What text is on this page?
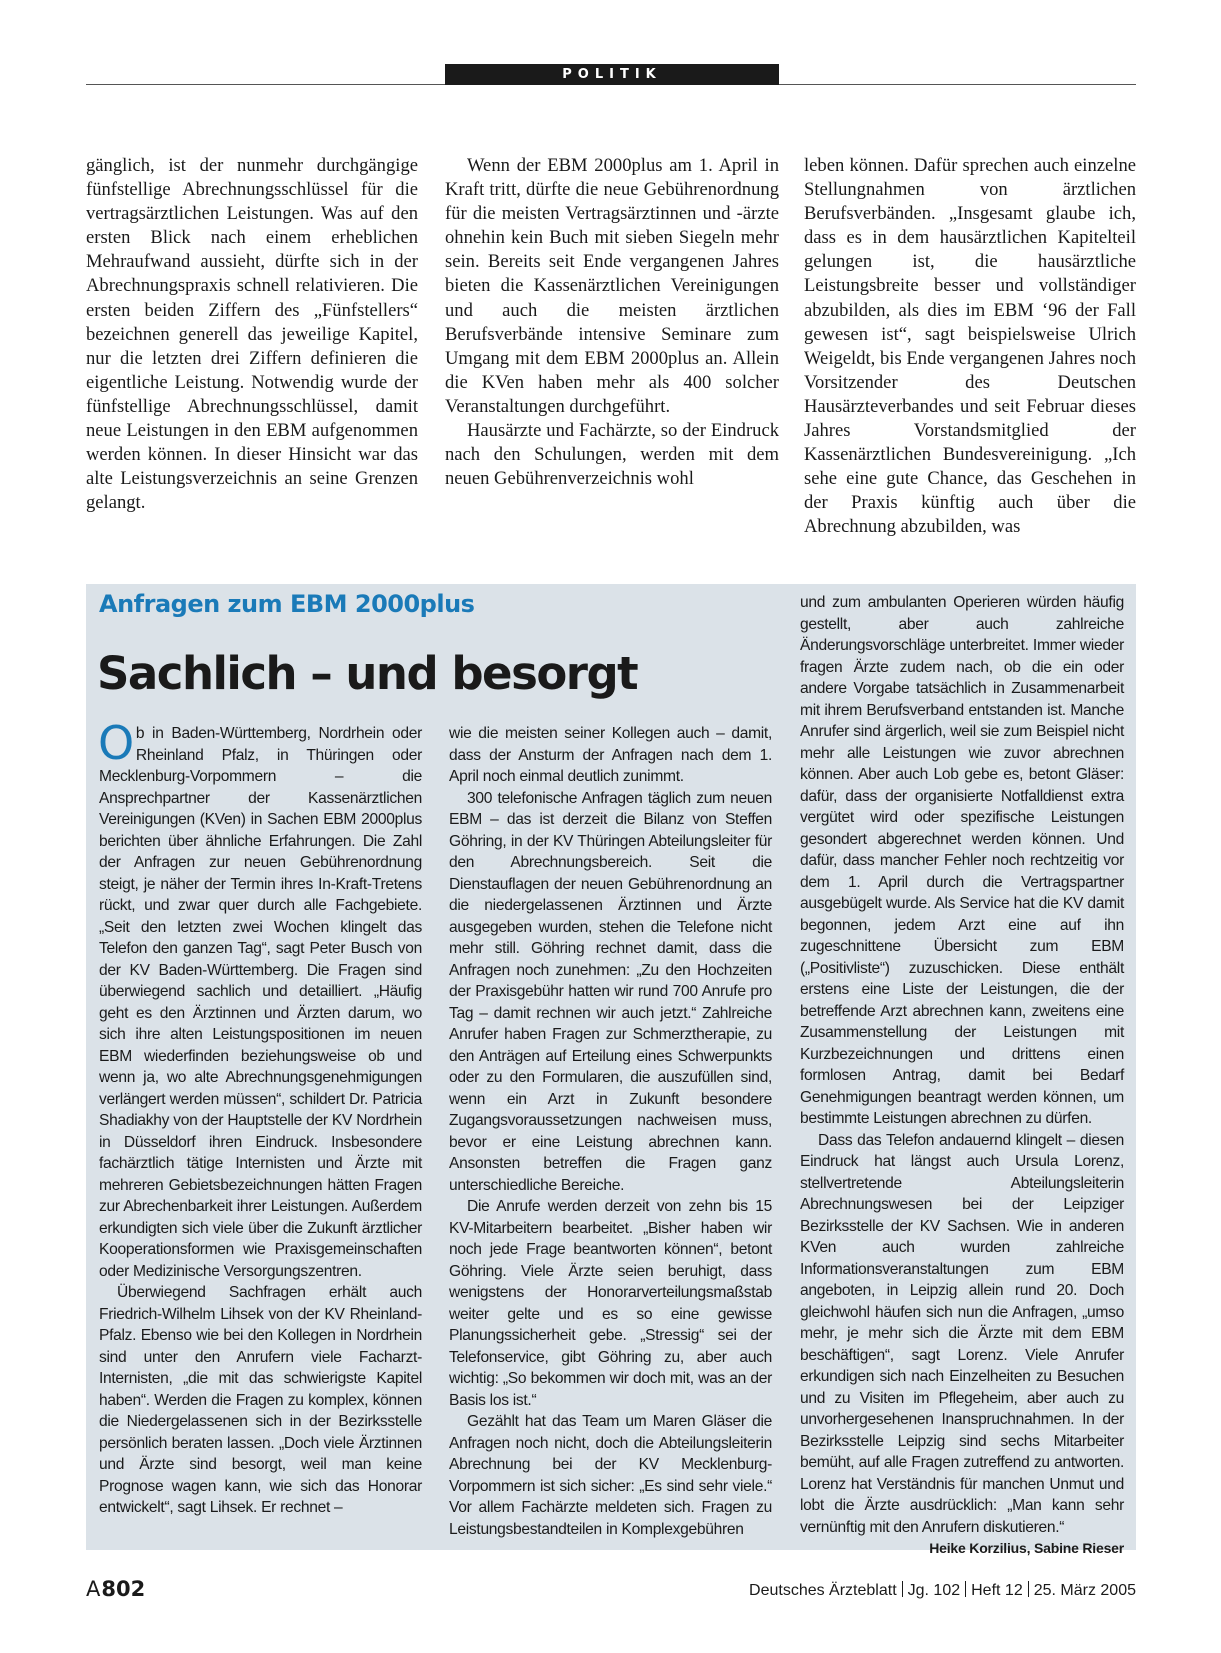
POLITIK

gänglich, ist der nunmehr durchgängige fünfstellige Abrechnungsschlüssel für die vertragsärztlichen Leistungen. Was auf den ersten Blick nach einem erheblichen Mehraufwand aussieht, dürfte sich in der Abrechnungspraxis schnell relativieren. Die ersten beiden Ziffern des „Fünfstellers“ bezeichnen generell das jeweilige Kapitel, nur die letzten drei Ziffern definieren die eigentliche Leistung. Notwendig wurde der fünfstellige Abrechnungsschlüssel, damit neue Leistungen in den EBM aufgenommen werden können. In dieser Hinsicht war das alte Leistungsverzeichnis an seine Grenzen gelangt.

Wenn der EBM 2000plus am 1. April in Kraft tritt, dürfte die neue Gebührenordnung für die meisten Vertragsärztinnen und -ärzte ohnehin kein Buch mit sieben Siegeln mehr sein. Bereits seit Ende vergangenen Jahres bieten die Kassenärztlichen Vereinigungen und auch die meisten ärztlichen Berufsverbände intensive Seminare zum Umgang mit dem EBM 2000plus an. Allein die KVen haben mehr als 400 solcher Veranstaltungen durchgeführt.

Hausärzte und Fachärzte, so der Eindruck nach den Schulungen, werden mit dem neuen Gebührenverzeichnis wohl

leben können. Dafür sprechen auch einzelne Stellungnahmen von ärztlichen Berufsverbänden. „Insgesamt glaube ich, dass es in dem hausärztlichen Kapitelteil gelungen ist, die hausärztliche Leistungsbreite besser und vollständiger abzubilden, als dies im EBM ‘96 der Fall gewesen ist“, sagt beispielsweise Ulrich Weigeldt, bis Ende vergangenen Jahres noch Vorsitzender des Deutschen Hausärzteverbandes und seit Februar dieses Jahres Vorstandsmitglied der Kassenärztlichen Bundesvereinigung. „Ich sehe eine gute Chance, das Geschehen in der Praxis künftig auch über die Abrechnung abzubilden, was

Anfragen zum EBM 2000plus
Sachlich – und besorgt

Ob in Baden-Württemberg, Nordrhein oder Rheinland Pfalz, in Thüringen oder Mecklenburg-Vorpommern – die Ansprechpartner der Kassenärztlichen Vereinigungen (KVen) in Sachen EBM 2000plus berichten über ähnliche Erfahrungen. Die Zahl der Anfragen zur neuen Gebührenordnung steigt, je näher der Termin ihres In-Kraft-Tretens rückt, und zwar quer durch alle Fachgebiete. „Seit den letzten zwei Wochen klingelt das Telefon den ganzen Tag“, sagt Peter Busch von der KV Baden-Württemberg. Die Fragen sind überwiegend sachlich und detailliert. „Häufig geht es den Ärztinnen und Ärzten darum, wo sich ihre alten Leistungspositionen im neuen EBM wiederfinden beziehungsweise ob und wenn ja, wo alte Abrechnungsgenehmigungen verlängert werden müssen“, schildert Dr. Patricia Shadiakhy von der Hauptstelle der KV Nordrhein in Düsseldorf ihren Eindruck. Insbesondere fachärztlich tätige Internisten und Ärzte mit mehreren Gebietsbezeichnungen hätten Fragen zur Abrechenbarkeit ihrer Leistungen. Außerdem erkundigten sich viele über die Zukunft ärztlicher Kooperationsformen wie Praxisgemeinschaften oder Medizinische Versorgungszentren.

Überwiegend Sachfragen erhält auch Friedrich-Wilhelm Lihsek von der KV Rheinland-Pfalz. Ebenso wie bei den Kollegen in Nordrhein sind unter den Anrufern viele Facharzt-Internisten, „die mit das schwierigste Kapitel haben“. Werden die Fragen zu komplex, können die Niedergelassenen sich in der Bezirksstelle persönlich beraten lassen. „Doch viele Ärztinnen und Ärzte sind besorgt, weil man keine Prognose wagen kann, wie sich das Honorar entwickelt“, sagt Lihsek. Er rechnet –

wie die meisten seiner Kollegen auch – damit, dass der Ansturm der Anfragen nach dem 1. April noch einmal deutlich zunimmt.

300 telefonische Anfragen täglich zum neuen EBM – das ist derzeit die Bilanz von Steffen Göhring, in der KV Thüringen Abteilungsleiter für den Abrechnungsbereich. Seit die Dienstauflagen der neuen Gebührenordnung an die niedergelassenen Ärztinnen und Ärzte ausgegeben wurden, stehen die Telefone nicht mehr still. Göhring rechnet damit, dass die Anfragen noch zunehmen: „Zu den Hochzeiten der Praxisgebühr hatten wir rund 700 Anrufe pro Tag – damit rechnen wir auch jetzt.“ Zahlreiche Anrufer haben Fragen zur Schmerztherapie, zu den Anträgen auf Erteilung eines Schwerpunkts oder zu den Formularen, die auszufüllen sind, wenn ein Arzt in Zukunft besondere Zugangsvoraussetzungen nachweisen muss, bevor er eine Leistung abrechnen kann. Ansonsten betreffen die Fragen ganz unterschiedliche Bereiche.

Die Anrufe werden derzeit von zehn bis 15 KV-Mitarbeitern bearbeitet. „Bisher haben wir noch jede Frage beantworten können“, betont Göhring. Viele Ärzte seien beruhigt, dass wenigstens der Honorarverteilungsmaßstab weiter gelte und es so eine gewisse Planungssicherheit gebe. „Stressig“ sei der Telefonservice, gibt Göhring zu, aber auch wichtig: „So bekommen wir doch mit, was an der Basis los ist.“

Gezählt hat das Team um Maren Gläser die Anfragen noch nicht, doch die Abteilungsleiterin Abrechnung bei der KV Mecklenburg-Vorpommern ist sich sicher: „Es sind sehr viele.“ Vor allem Fachärzte meldeten sich. Fragen zu Leistungsbestandteilen in Komplexgebühren

und zum ambulanten Operieren würden häufig gestellt, aber auch zahlreiche Änderungsvorschläge unterbreitet. Immer wieder fragen Ärzte zudem nach, ob die ein oder andere Vorgabe tatsächlich in Zusammenarbeit mit ihrem Berufsverband entstanden ist. Manche Anrufer sind ärgerlich, weil sie zum Beispiel nicht mehr alle Leistungen wie zuvor abrechnen können. Aber auch Lob gebe es, betont Gläser: dafür, dass der organisierte Notfalldienst extra vergütet wird oder spezifische Leistungen gesondert abgerechnet werden können. Und dafür, dass mancher Fehler noch rechtzeitig vor dem 1. April durch die Vertragspartner ausgebügelt wurde. Als Service hat die KV damit begonnen, jedem Arzt eine auf ihn zugeschnittene Übersicht zum EBM („Positivliste“) zuzuschicken. Diese enthält erstens eine Liste der Leistungen, die der betreffende Arzt abrechnen kann, zweitens eine Zusammenstellung der Leistungen mit Kurzbezeichnungen und drittens einen formlosen Antrag, damit bei Bedarf Genehmigungen beantragt werden können, um bestimmte Leistungen abrechnen zu dürfen.

Dass das Telefon andauernd klingelt – diesen Eindruck hat längst auch Ursula Lorenz, stellvertretende Abteilungsleiterin Abrechnungswesen bei der Leipziger Bezirksstelle der KV Sachsen. Wie in anderen KVen auch wurden zahlreiche Informationsveranstaltungen zum EBM angeboten, in Leipzig allein rund 20. Doch gleichwohl häufen sich nun die Anfragen, „umso mehr, je mehr sich die Ärzte mit dem EBM beschäftigen“, sagt Lorenz. Viele Anrufer erkundigen sich nach Einzelheiten zu Besuchen und zu Visiten im Pflegeheim, aber auch zu unvorhergesehenen Inanspruchnahmen. In der Bezirksstelle Leipzig sind sechs Mitarbeiter bemüht, auf alle Fragen zutreffend zu antworten. Lorenz hat Verständnis für manchen Unmut und lobt die Ärzte ausdrücklich: „Man kann sehr vernünftig mit den Anrufern diskutieren.“
Heike Korzilius, Sabine Rieser

A802	Deutsches Ärzteblatt Jg. 102 Heft 12 25. März 2005
